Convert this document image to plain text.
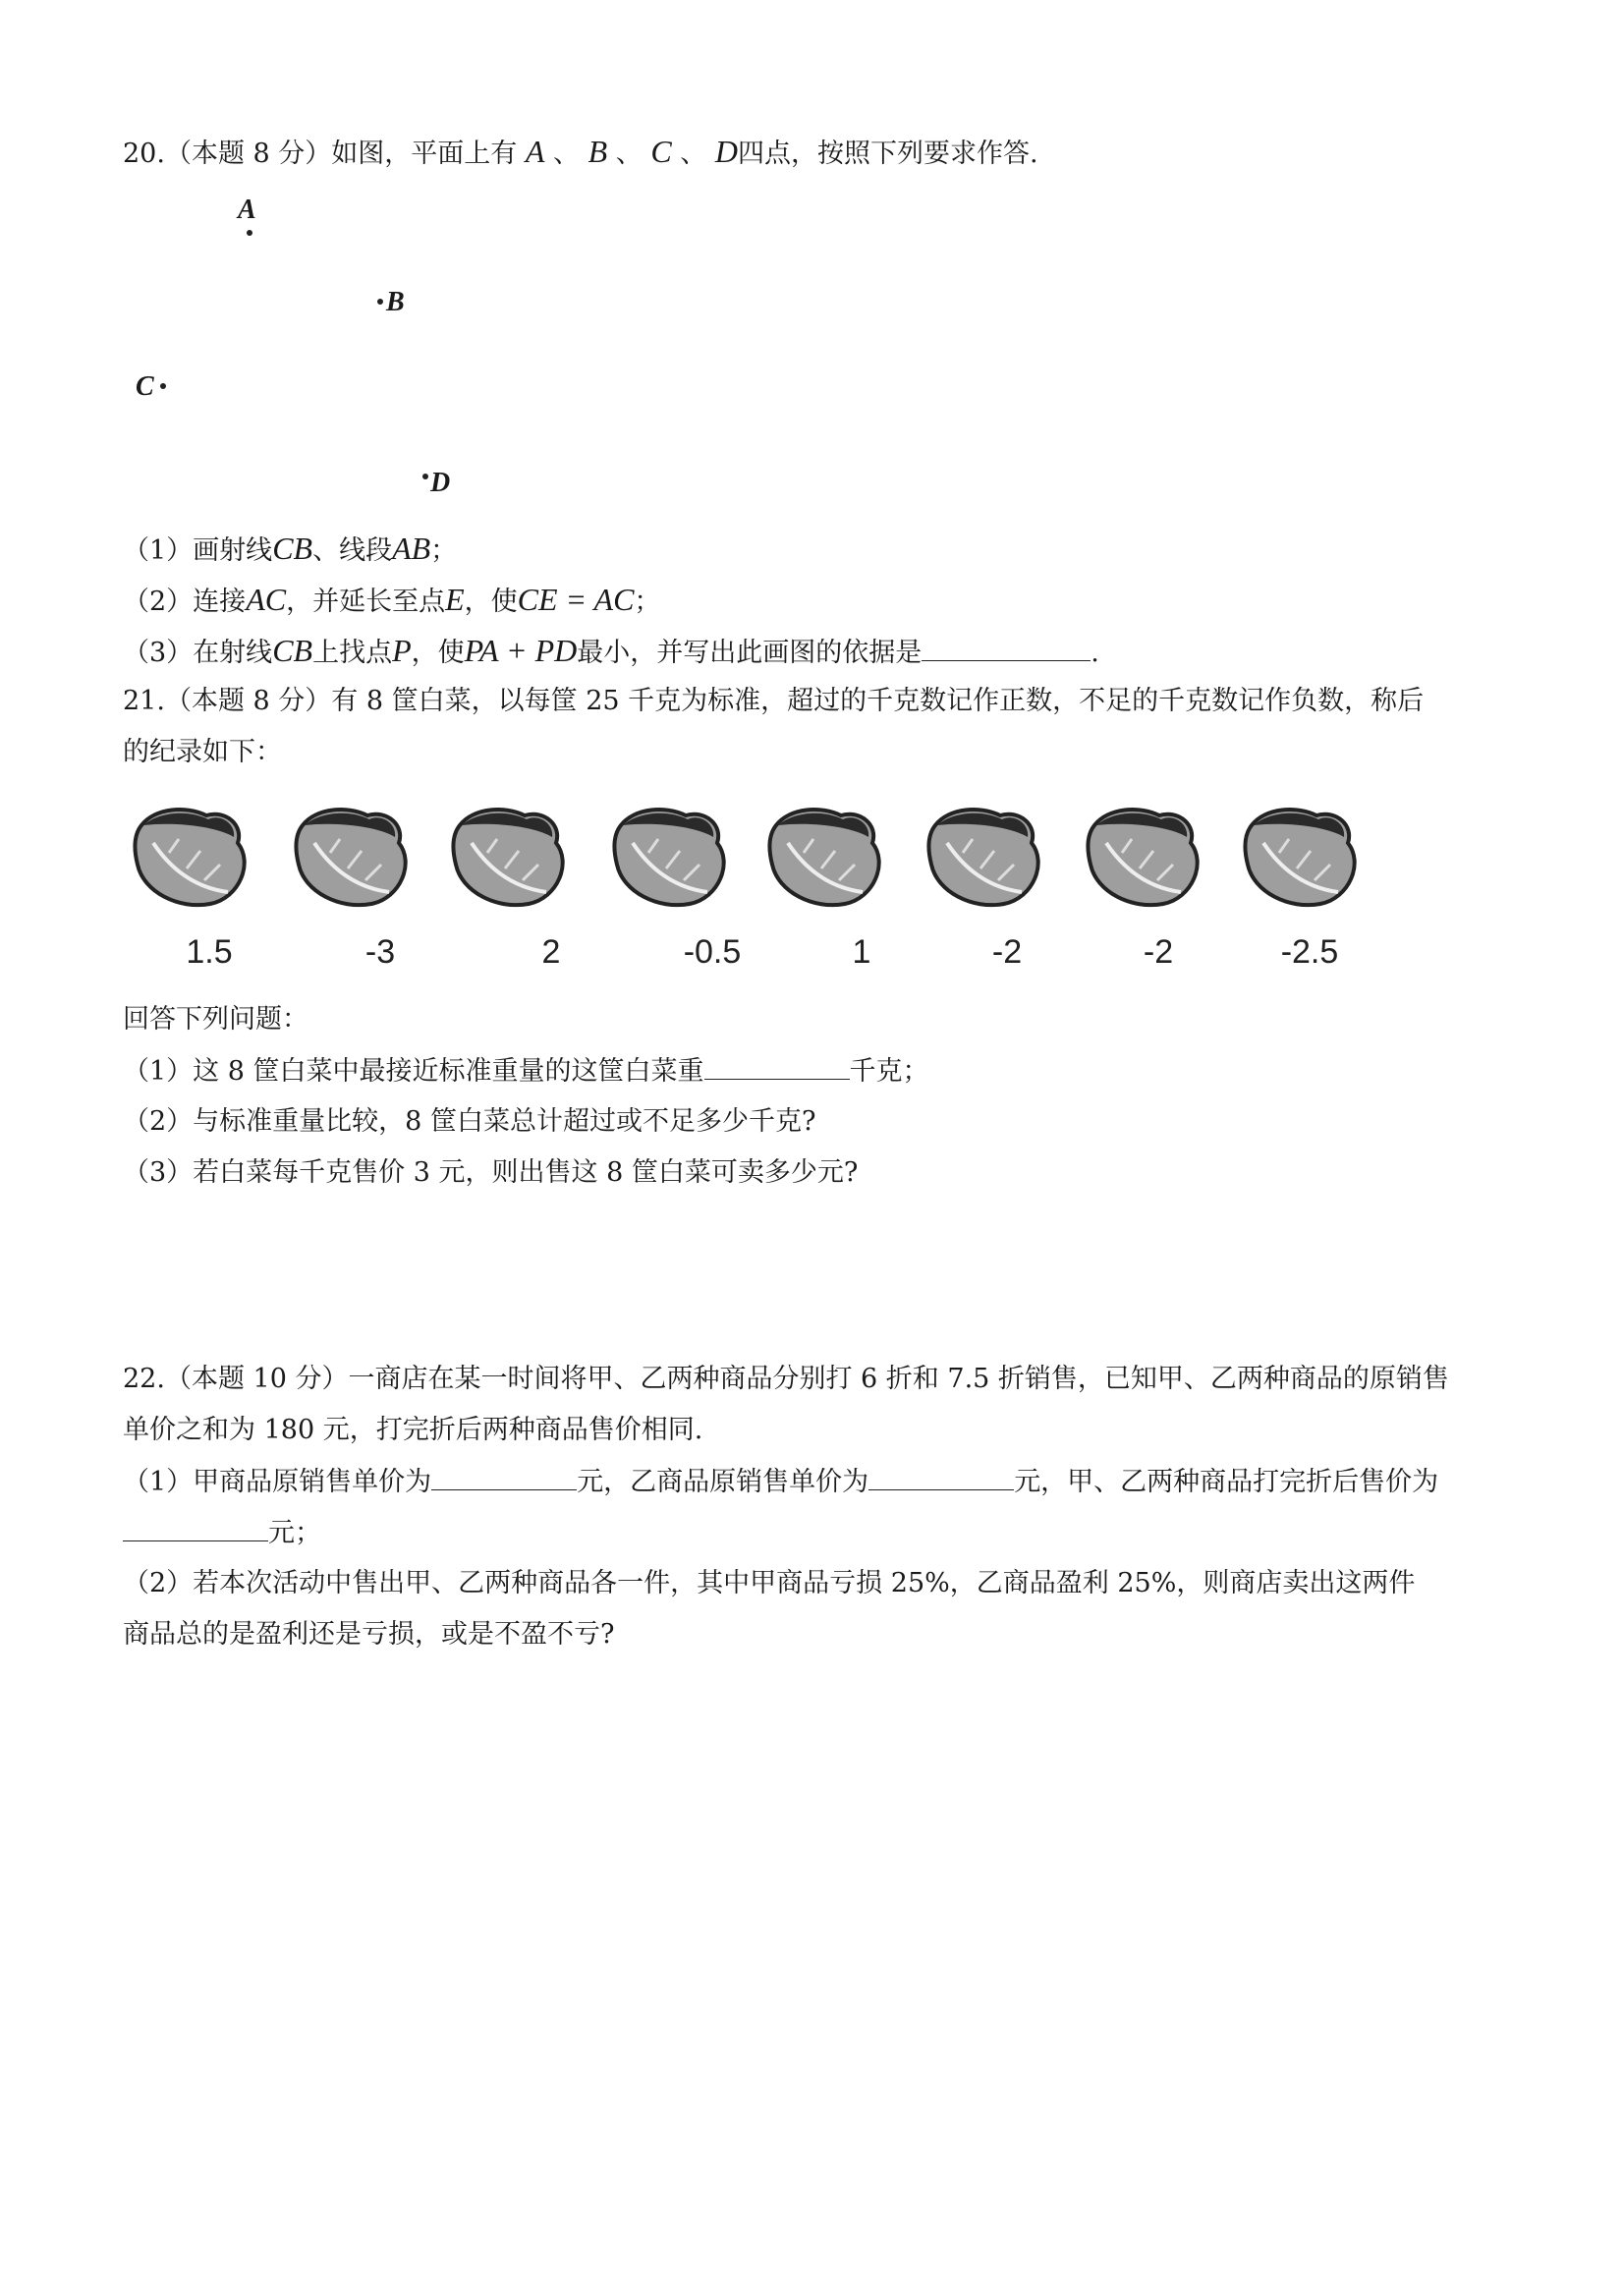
20.（本题 8 分）如图，平面上有 A 、 B 、 C 、 D四点，按照下列要求作答.
A
B
C
D
（1）画射线CB、线段AB；
（2）连接AC，并延长至点E，使CE = AC；
（3）在射线CB上找点P，使PA + PD最小，并写出此画图的依据是	.
21.（本题 8 分）有 8 筐白菜，以每筐 25 千克为标准，超过的千克数记作正数，不足的千克数记作负数，称后
的纪录如下：
1.5	-3	2	-0.5	1	-2	-2	-2.5
回答下列问题：
（1）这 8 筐白菜中最接近标准重量的这筐白菜重	千克；
（2）与标准重量比较，8 筐白菜总计超过或不足多少千克?
（3）若白菜每千克售价 3 元，则出售这 8 筐白菜可卖多少元?
22.（本题 10 分）一商店在某一时间将甲、乙两种商品分别打 6 折和 7.5 折销售，已知甲、乙两种商品的原销售
单价之和为 180 元，打完折后两种商品售价相同.
（1）甲商品原销售单价为	元，乙商品原销售单价为	元，甲、乙两种商品打完折后售价为
元；
（2）若本次活动中售出甲、乙两种商品各一件，其中甲商品亏损 25%，乙商品盈利 25%，则商店卖出这两件
商品总的是盈利还是亏损，或是不盈不亏?
